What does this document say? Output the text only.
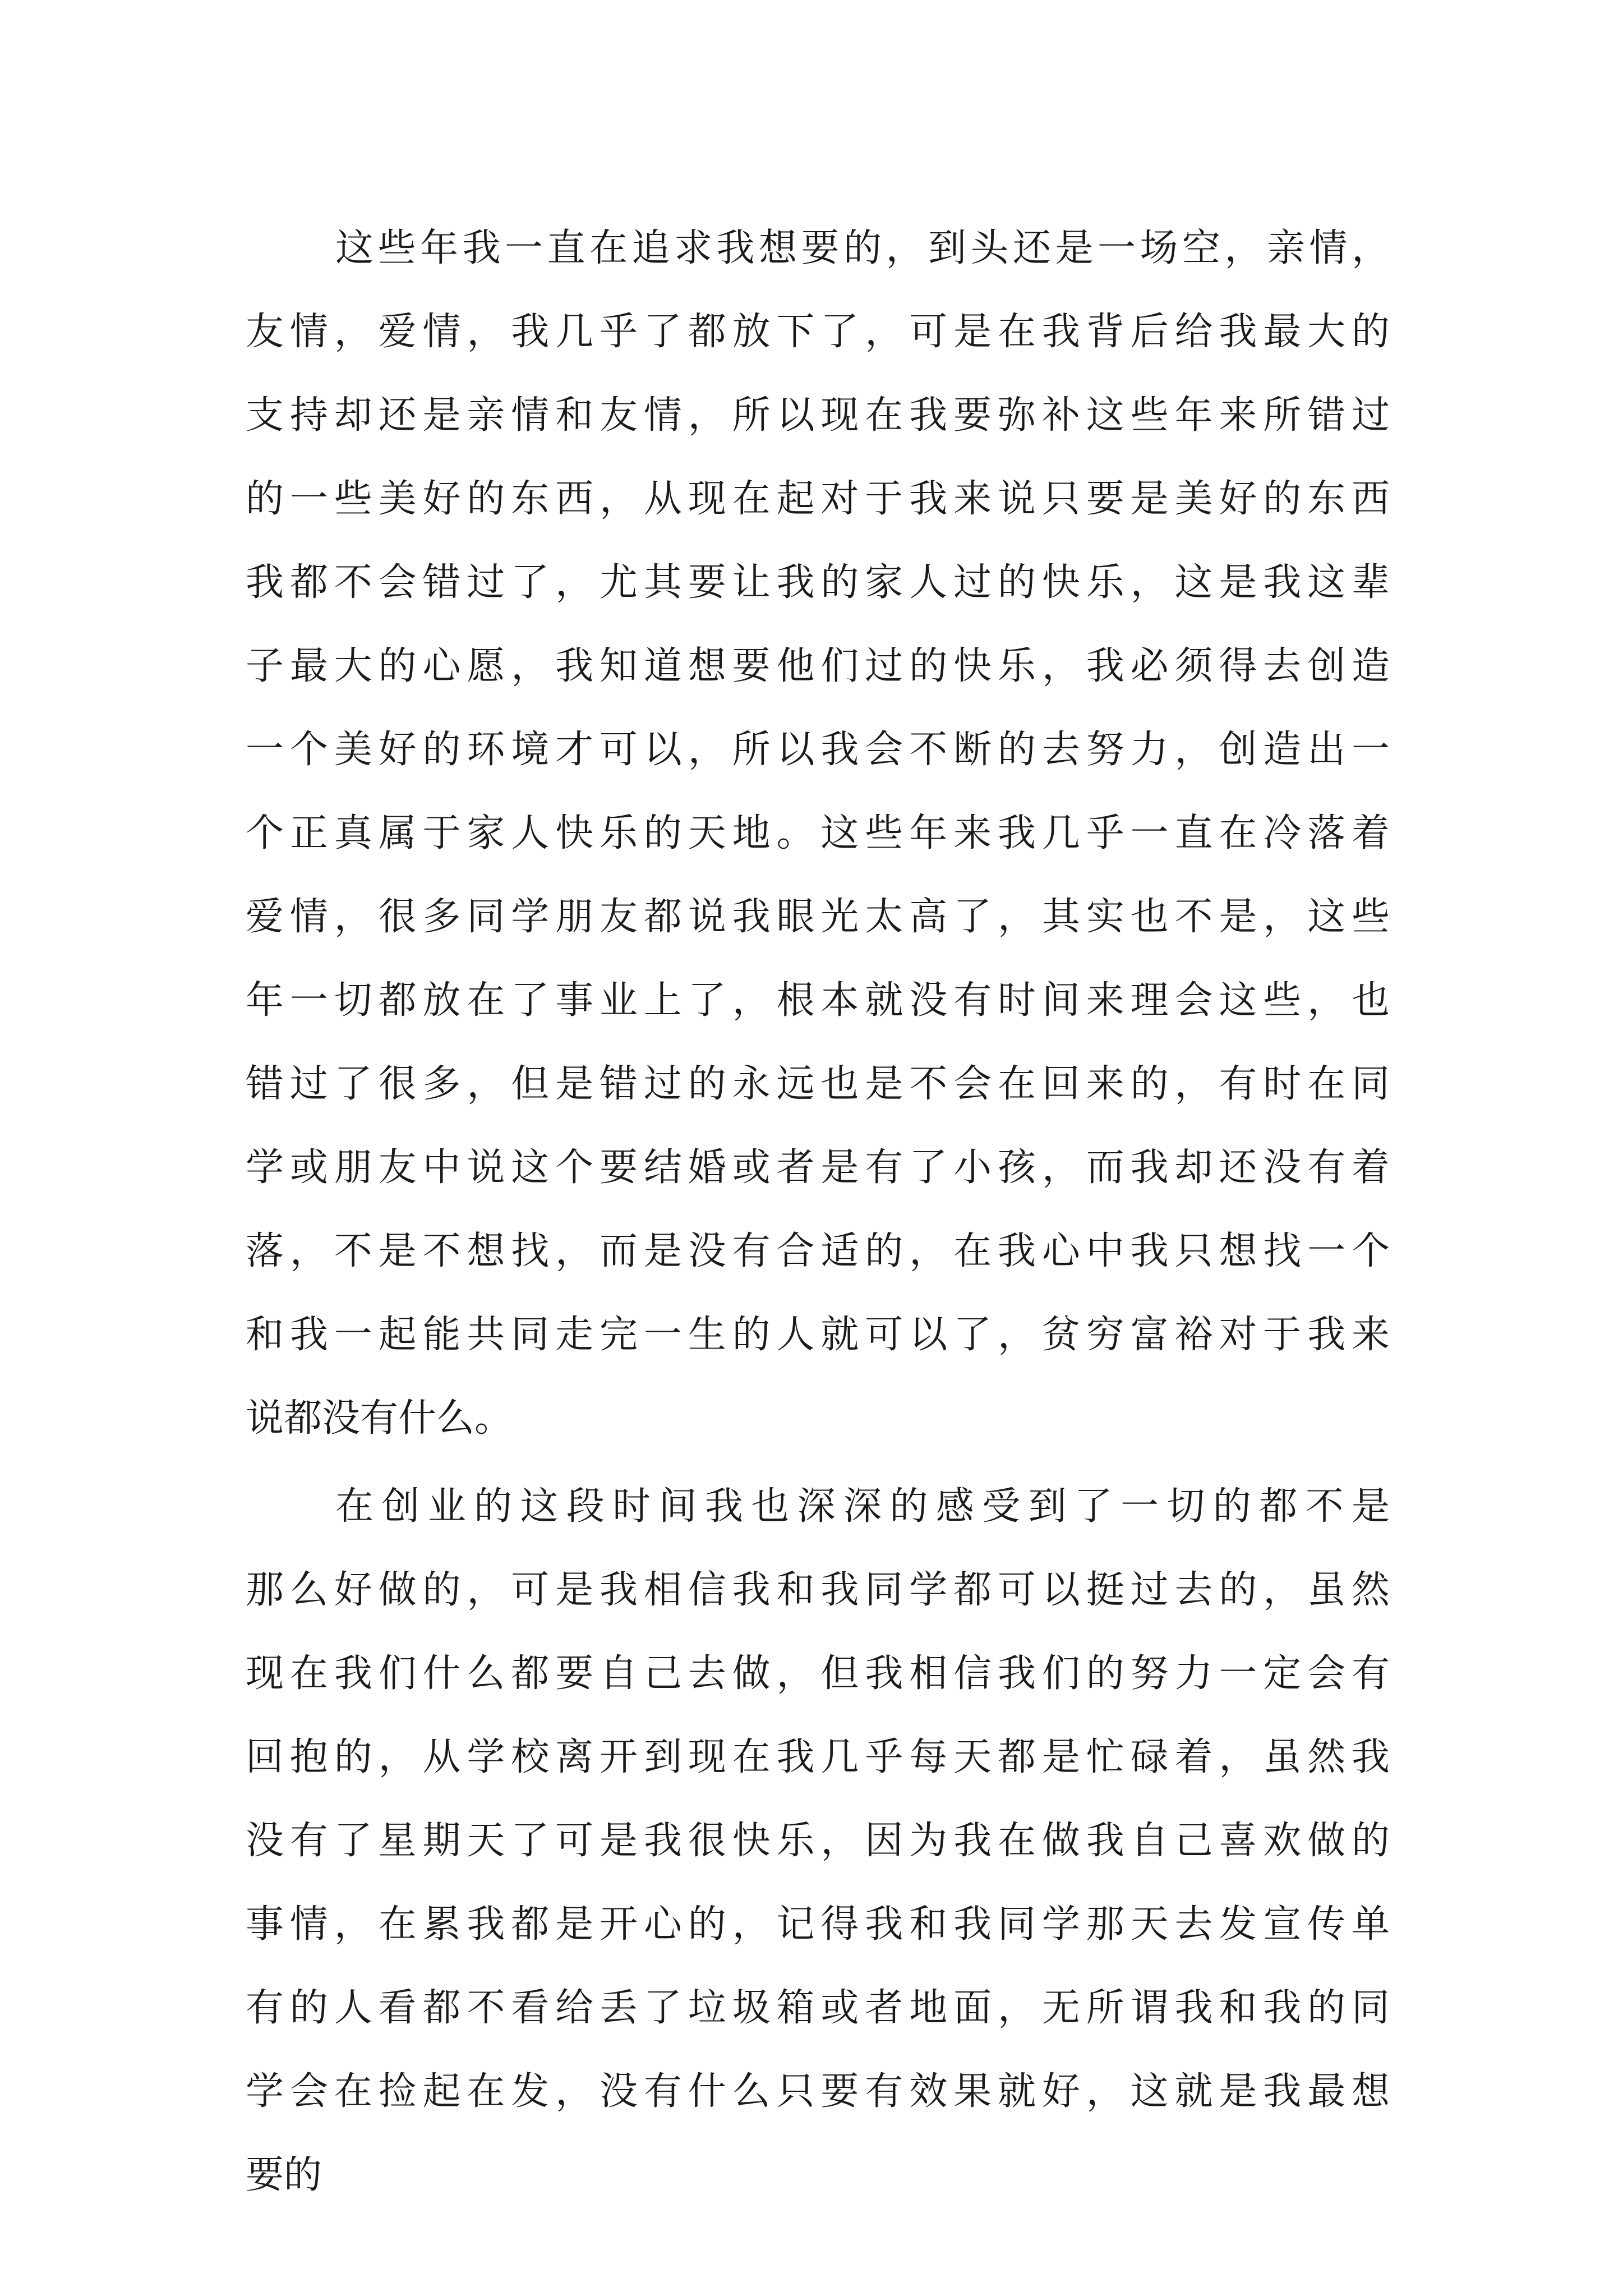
这些年我一直在追求我想要的，到头还是一场空，亲情，
友情，爱情，我几乎了都放下了，可是在我背后给我最大的
支持却还是亲情和友情，所以现在我要弥补这些年来所错过
的一些美好的东西，从现在起对于我来说只要是美好的东西
我都不会错过了，尤其要让我的家人过的快乐，这是我这辈
子最大的心愿，我知道想要他们过的快乐，我必须得去创造
一个美好的环境才可以，所以我会不断的去努力，创造出一
个正真属于家人快乐的天地。这些年来我几乎一直在冷落着
爱情，很多同学朋友都说我眼光太高了，其实也不是，这些
年一切都放在了事业上了，根本就没有时间来理会这些，也
错过了很多，但是错过的永远也是不会在回来的，有时在同
学或朋友中说这个要结婚或者是有了小孩，而我却还没有着
落，不是不想找，而是没有合适的，在我心中我只想找一个
和我一起能共同走完一生的人就可以了，贫穷富裕对于我来
说都没有什么。
在创业的这段时间我也深深的感受到了一切的都不是
那么好做的，可是我相信我和我同学都可以挺过去的，虽然
现在我们什么都要自己去做，但我相信我们的努力一定会有
回抱的，从学校离开到现在我几乎每天都是忙碌着，虽然我
没有了星期天了可是我很快乐，因为我在做我自己喜欢做的
事情，在累我都是开心的，记得我和我同学那天去发宣传单
有的人看都不看给丢了垃圾箱或者地面，无所谓我和我的同
学会在捡起在发，没有什么只要有效果就好，这就是我最想
要的
